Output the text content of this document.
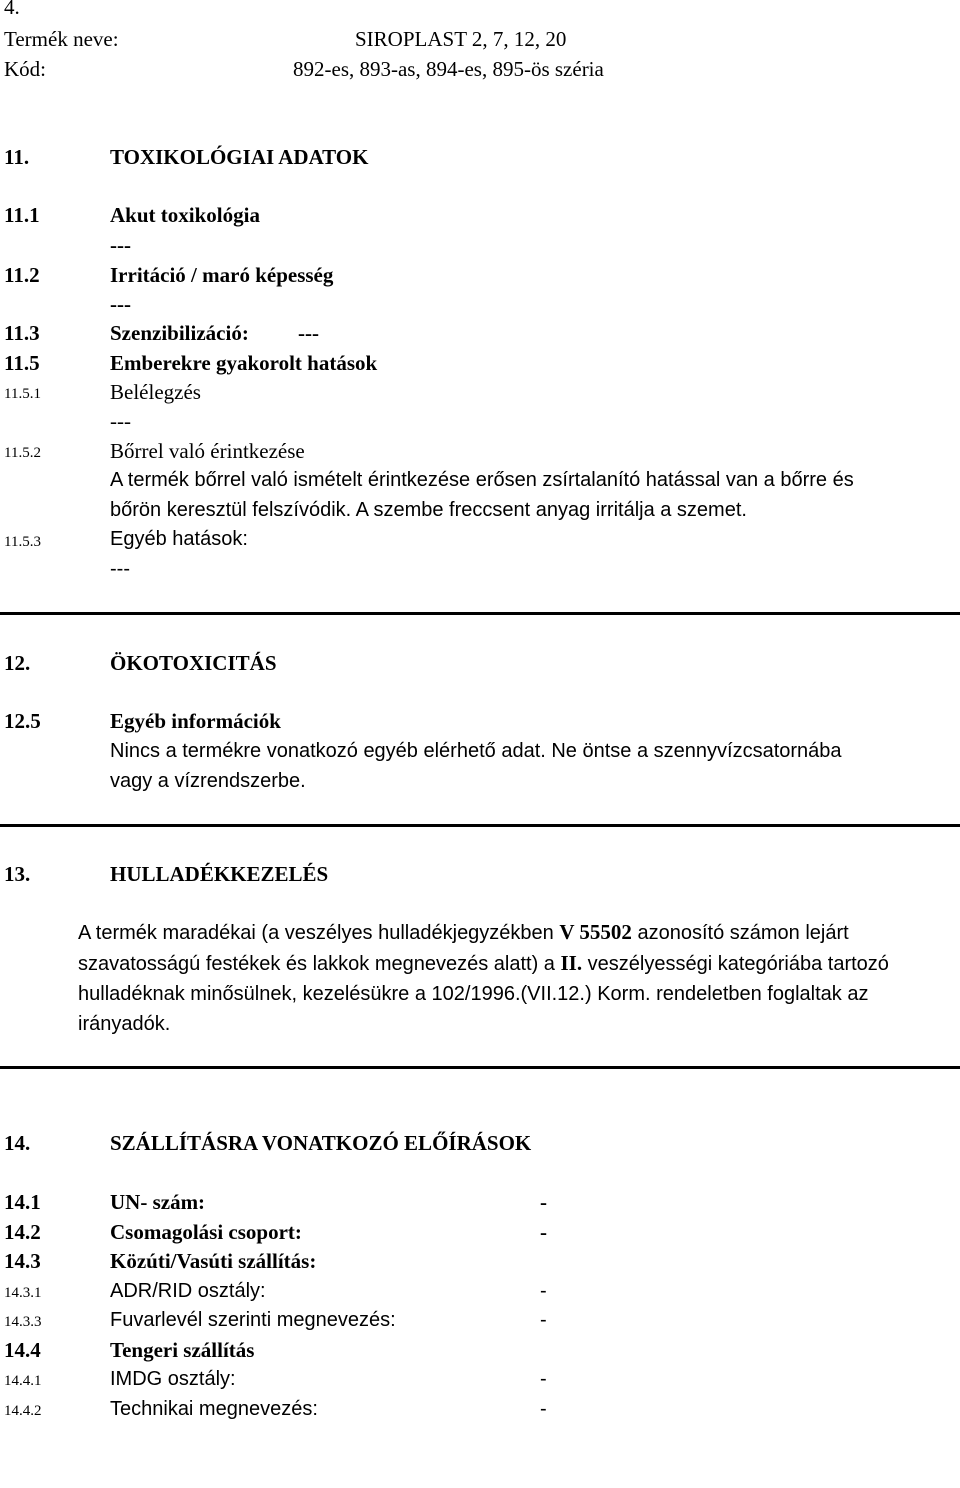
4.
Termék neve:	SIROPLAST 2, 7, 12, 20
Kód:	892-es, 893-as, 894-es, 895-ös széria
11.	TOXIKOLÓGIAI ADATOK
11.1	Akut toxikológia
---
11.2	Irritáció / maró képesség
---
11.3	Szenzibilizáció: ---
11.5	Emberekre gyakorolt hatások
11.5.1	Belélegzés
---
11.5.2	Bőrrel való érintkezése
A termék bőrrel való ismételt érintkezése erősen zsírtalanító hatással van a bőrre és
bőrön keresztül felszívódik. A szembe freccsent anyag irritálja a szemet.
11.5.3	Egyéb hatások:
---
12.	ÖKOTOXICITÁS
12.5	Egyéb információk
Nincs a termékre vonatkozó egyéb elérhető adat. Ne öntse a szennyvízcsatornába
vagy a vízrendszerbe.
13.	HULLADÉKKEZELÉS
A termék maradékai (a veszélyes hulladékjegyzékben V 55502 azonosító számon lejárt szavatosságú festékek és lakkok megnevezés alatt) a II. veszélyességi kategóriába tartozó hulladéknak minősülnek, kezelésükre a 102/1996.(VII.12.) Korm. rendeletben foglaltak az irányadók.
14.	SZÁLLÍTÁSRA VONATKOZÓ ELŐÍRÁSOK
14.1	UN- szám:	-
14.2	Csomagolási csoport:	-
14.3	Közúti/Vasúti szállítás:
14.3.1	ADR/RID osztály:	-
14.3.3	Fuvarlevél szerinti megnevezés:	-
14.4	Tengeri szállítás
14.4.1	IMDG osztály:	-
14.4.2	Technikai megnevezés:	-
